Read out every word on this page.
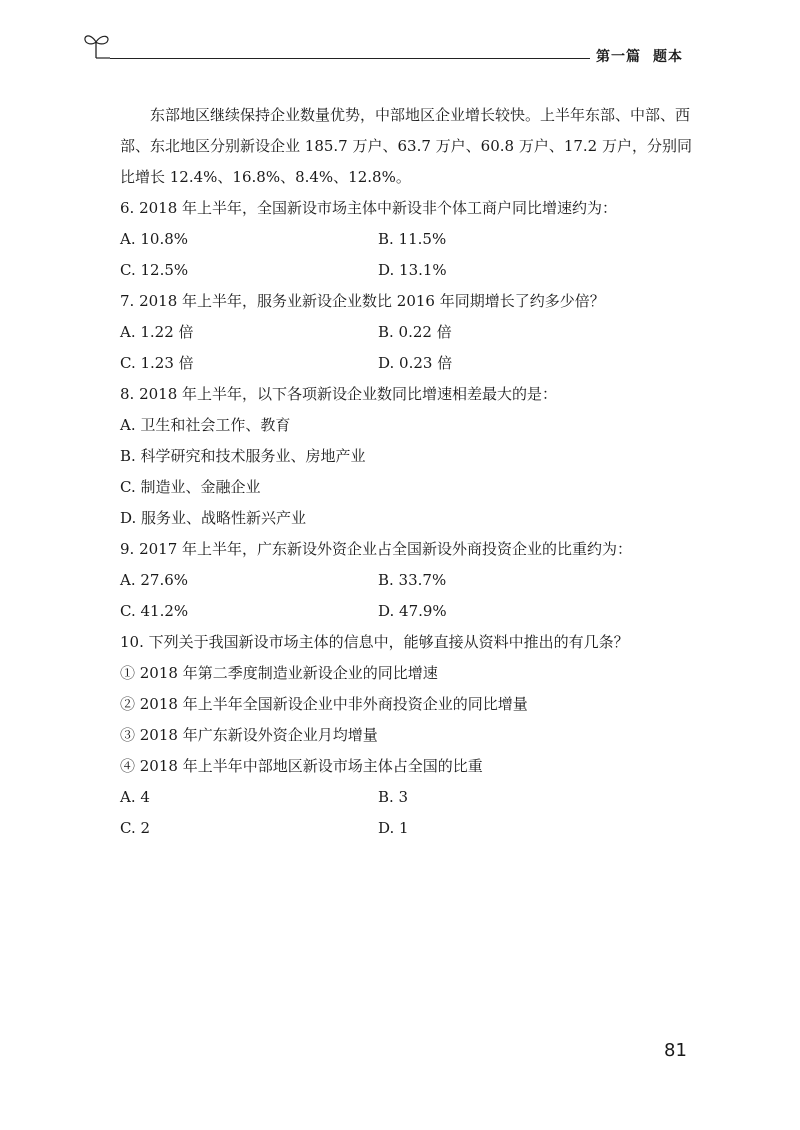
第一篇 题本

东部地区继续保持企业数量优势，中部地区企业增长较快。上半年东部、中部、西部、东北地区分别新设企业 185.7 万户、63.7 万户、60.8 万户、17.2 万户，分别同比增长 12.4%、16.8%、8.4%、12.8%。

6. 2018 年上半年，全国新设市场主体中新设非个体工商户同比增速约为：

A. 10.8%	B. 11.5%
C. 12.5%	D. 13.1%

7. 2018 年上半年，服务业新设企业数比 2016 年同期增长了约多少倍？

A. 1.22 倍	B. 0.22 倍
C. 1.23 倍	D. 0.23 倍

8. 2018 年上半年，以下各项新设企业数同比增速相差最大的是：

A. 卫生和社会工作、教育
B. 科学研究和技术服务业、房地产业
C. 制造业、金融企业
D. 服务业、战略性新兴产业

9. 2017 年上半年，广东新设外资企业占全国新设外商投资企业的比重约为：

A. 27.6%	B. 33.7%
C. 41.2%	D. 47.9%

10. 下列关于我国新设市场主体的信息中，能够直接从资料中推出的有几条？

① 2018 年第二季度制造业新设企业的同比增速
② 2018 年上半年全国新设企业中非外商投资企业的同比增量
③ 2018 年广东新设外资企业月均增量
④ 2018 年上半年中部地区新设市场主体占全国的比重
A. 4	B. 3
C. 2	D. 1
81
